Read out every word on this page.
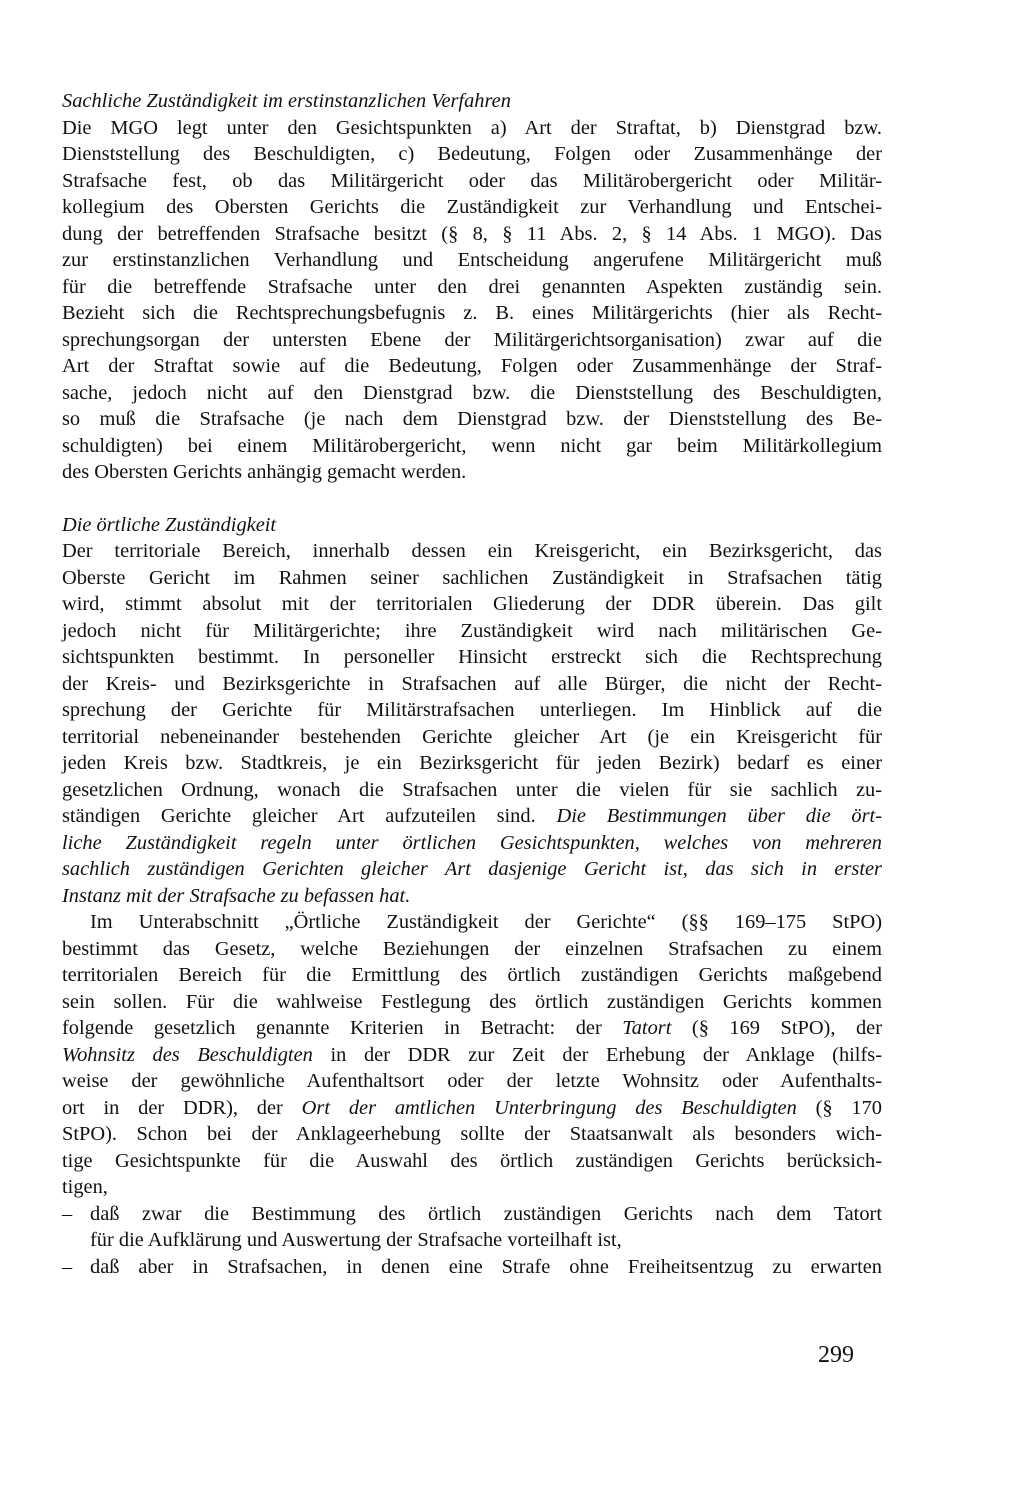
Sachliche Zuständigkeit im erstinstanzlichen Verfahren
Die MGO legt unter den Gesichtspunkten a) Art der Straftat, b) Dienstgrad bzw.
Dienststellung des Beschuldigten, c) Bedeutung, Folgen oder Zusammenhänge der
Strafsache fest, ob das Militärgericht oder das Militärobergericht oder Militär-
kollegium des Obersten Gerichts die Zuständigkeit zur Verhandlung und Entschei-
dung der betreffenden Strafsache besitzt (§ 8, § 11 Abs. 2, § 14 Abs. 1 MGO). Das
zur erstinstanzlichen Verhandlung und Entscheidung angerufene Militärgericht muß
für die betreffende Strafsache unter den drei genannten Aspekten zuständig sein.
Bezieht sich die Rechtsprechungsbefugnis z. B. eines Militärgerichts (hier als Recht-
sprechungsorgan der untersten Ebene der Militärgerichtsorganisation) zwar auf die
Art der Straftat sowie auf die Bedeutung, Folgen oder Zusammenhänge der Straf-
sache, jedoch nicht auf den Dienstgrad bzw. die Dienststellung des Beschuldigten,
so muß die Strafsache (je nach dem Dienstgrad bzw. der Dienststellung des Be-
schuldigten) bei einem Militärobergericht, wenn nicht gar beim Militärkollegium
des Obersten Gerichts anhängig gemacht werden.
Die örtliche Zuständigkeit
Der territoriale Bereich, innerhalb dessen ein Kreisgericht, ein Bezirksgericht, das
Oberste Gericht im Rahmen seiner sachlichen Zuständigkeit in Strafsachen tätig
wird, stimmt absolut mit der territorialen Gliederung der DDR überein. Das gilt
jedoch nicht für Militärgerichte; ihre Zuständigkeit wird nach militärischen Ge-
sichtspunkten bestimmt. In personeller Hinsicht erstreckt sich die Rechtsprechung
der Kreis- und Bezirksgerichte in Strafsachen auf alle Bürger, die nicht der Recht-
sprechung der Gerichte für Militärstrafsachen unterliegen. Im Hinblick auf die
territorial nebeneinander bestehenden Gerichte gleicher Art (je ein Kreisgericht für
jeden Kreis bzw. Stadtkreis, je ein Bezirksgericht für jeden Bezirk) bedarf es einer
gesetzlichen Ordnung, wonach die Strafsachen unter die vielen für sie sachlich zu-
ständigen Gerichte gleicher Art aufzuteilen sind. Die Bestimmungen über die ört-
liche Zuständigkeit regeln unter örtlichen Gesichtspunkten, welches von mehreren
sachlich zuständigen Gerichten gleicher Art dasjenige Gericht ist, das sich in erster
Instanz mit der Strafsache zu befassen hat.
Im Unterabschnitt „Örtliche Zuständigkeit der Gerichte“ (§§ 169–175 StPO)
bestimmt das Gesetz, welche Beziehungen der einzelnen Strafsachen zu einem
territorialen Bereich für die Ermittlung des örtlich zuständigen Gerichts maßgebend
sein sollen. Für die wahlweise Festlegung des örtlich zuständigen Gerichts kommen
folgende gesetzlich genannte Kriterien in Betracht: der Tatort (§ 169 StPO), der
Wohnsitz des Beschuldigten in der DDR zur Zeit der Erhebung der Anklage (hilfs-
weise der gewöhnliche Aufenthaltsort oder der letzte Wohnsitz oder Aufenthalts-
ort in der DDR), der Ort der amtlichen Unterbringung des Beschuldigten (§ 170
StPO). Schon bei der Anklageerhebung sollte der Staatsanwalt als besonders wich-
tige Gesichtspunkte für die Auswahl des örtlich zuständigen Gerichts berücksich-
tigen,
– daß zwar die Bestimmung des örtlich zuständigen Gerichts nach dem Tatort
für die Aufklärung und Auswertung der Strafsache vorteilhaft ist,
– daß aber in Strafsachen, in denen eine Strafe ohne Freiheitsentzug zu erwarten
299
